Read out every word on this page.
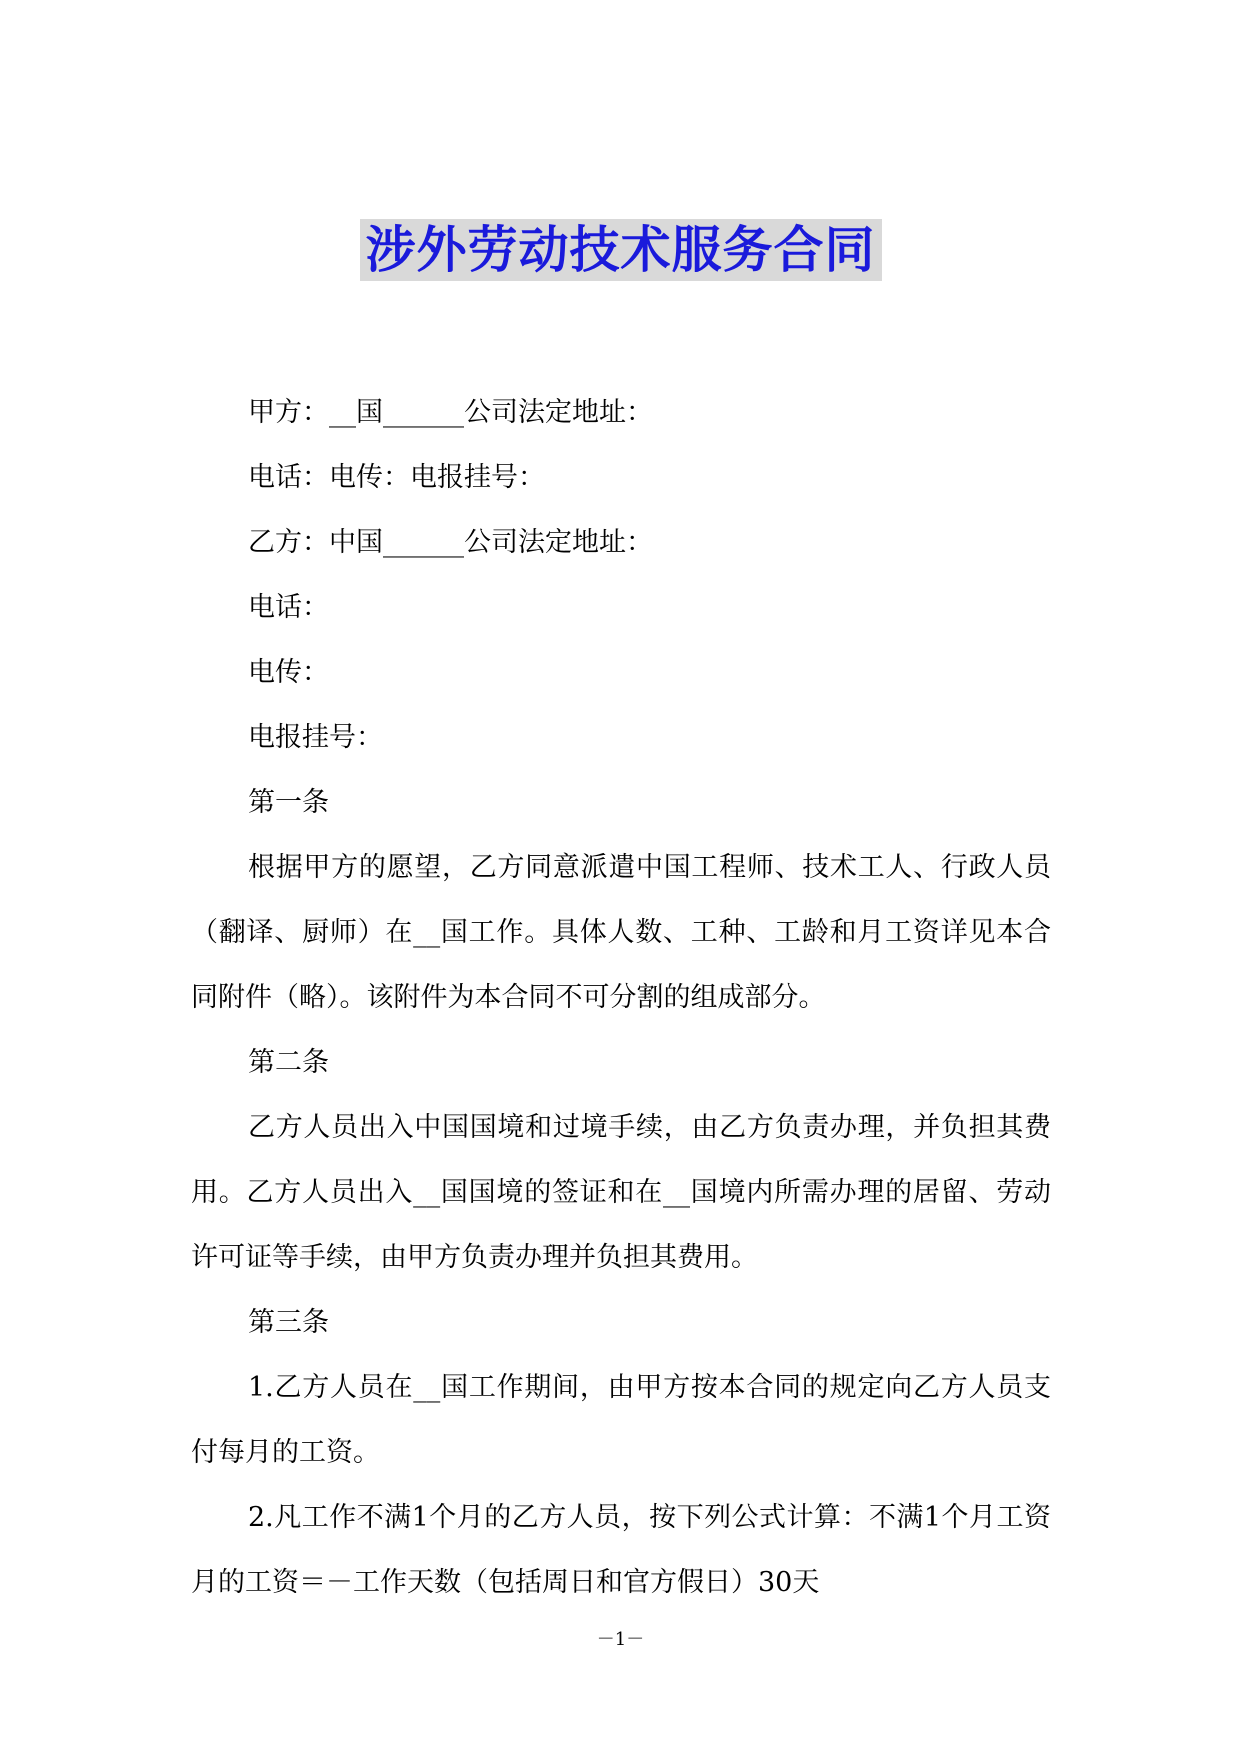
涉外劳动技术服务合同

甲方：__国______公司法定地址：

电话：电传：电报挂号：

乙方：中国______公司法定地址：

电话：

电传：

电报挂号：

第一条

根据甲方的愿望，乙方同意派遣中国工程师、技术工人、行政人员（翻译、厨师）在__国工作。具体人数、工种、工龄和月工资详见本合同附件（略）。该附件为本合同不可分割的组成部分。

第二条

乙方人员出入中国国境和过境手续，由乙方负责办理，并负担其费用。乙方人员出入__国国境的签证和在__国境内所需办理的居留、劳动许可证等手续，由甲方负责办理并负担其费用。

第三条

1.乙方人员在__国工作期间，由甲方按本合同的规定向乙方人员支付每月的工资。

2.凡工作不满1个月的乙方人员，按下列公式计算：不满1个月工资月的工资＝－工作天数（包括周日和官方假日）30天

－1－
